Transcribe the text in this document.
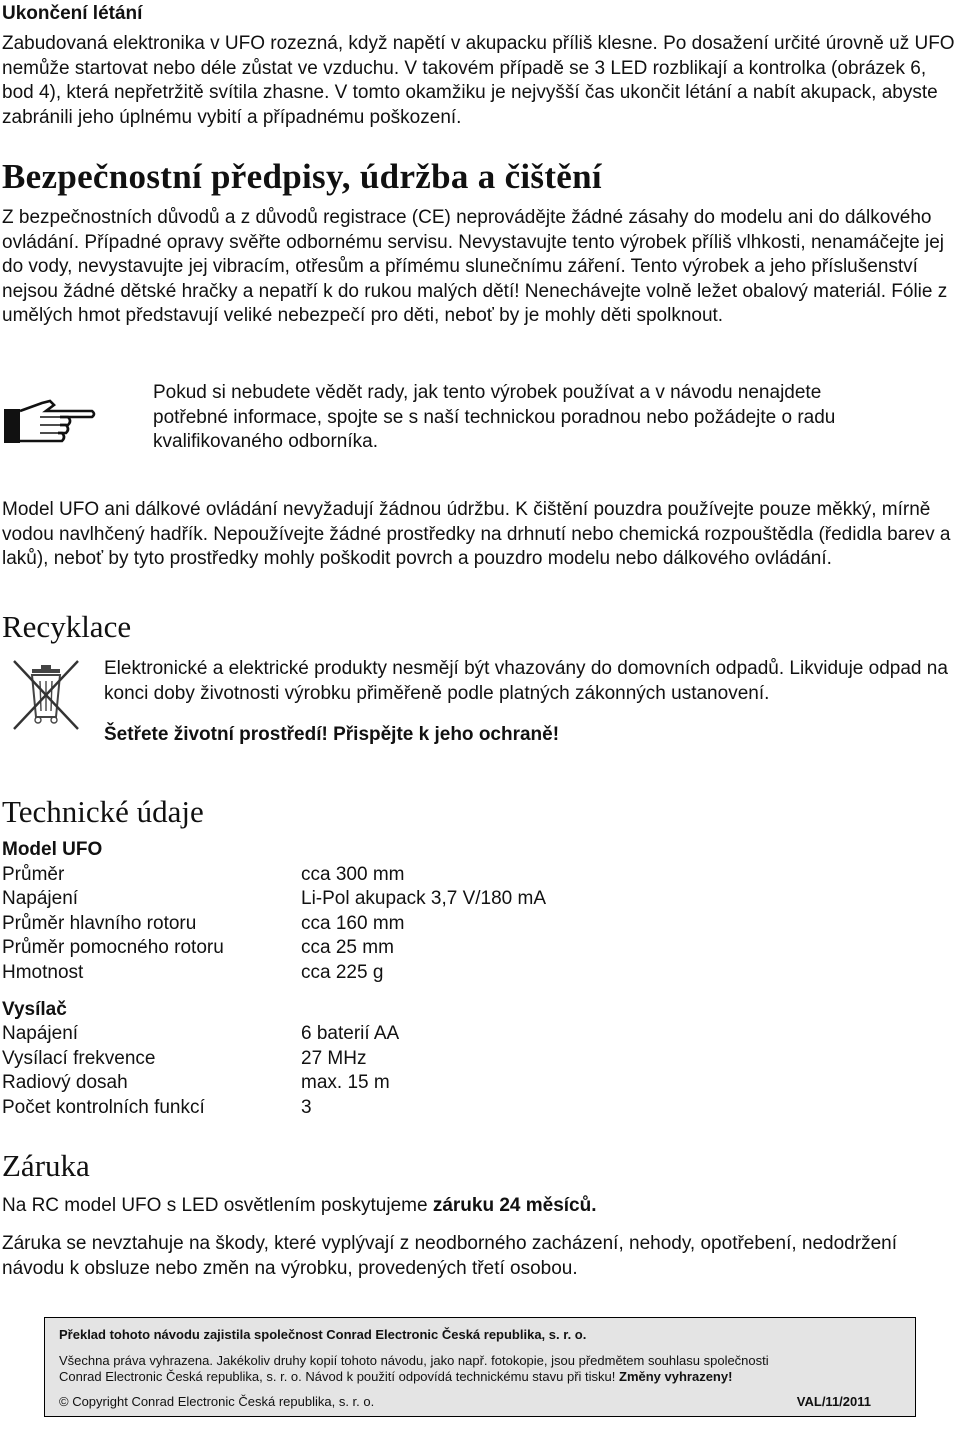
Ukončení létání

Zabudovaná elektronika v UFO rozezná, když napětí v akupacku příliš klesne. Po dosažení určité úrovně už UFO nemůže startovat nebo déle zůstat ve vzduchu. V takovém případě se 3 LED rozblikají a kontrolka (obrázek 6, bod 4), která nepřetržitě svítila zhasne. V tomto okamžiku je nejvyšší čas ukončit létání a nabít akupack, abyste zabránili jeho úplnému vybití a případnému poškození.

Bezpečnostní předpisy, údržba a čištění

Z bezpečnostních důvodů a z důvodů registrace (CE) neprovádějte žádné zásahy do modelu ani do dálkového ovládání. Případné opravy svěřte odbornému servisu. Nevystavujte tento výrobek příliš vlhkosti, nenamáčejte jej do vody, nevystavujte jej vibracím, otřesům a přímému slunečnímu záření. Tento výrobek a jeho příslušenství nejsou žádné dětské hračky a nepatří k do rukou malých dětí! Nenechávejte volně ležet obalový materiál. Fólie z umělých hmot představují veliké nebezpečí pro děti, neboť by je mohly děti spolknout.

Pokud si nebudete vědět rady, jak tento výrobek používat a v návodu nenajdete potřebné informace, spojte se s naší technickou poradnou nebo požádejte o radu kvalifikovaného odborníka.

Model UFO ani dálkové ovládání nevyžadují žádnou údržbu. K čištění pouzdra používejte pouze měkký, mírně vodou navlhčený hadřík. Nepoužívejte žádné prostředky na drhnutí nebo chemická rozpouštědla (ředidla barev a laků), neboť by tyto prostředky mohly poškodit povrch a pouzdro modelu nebo dálkového ovládání.

Recyklace

Elektronické a elektrické produkty nesmějí být vhazovány do domovních odpadů. Likviduje odpad na konci doby životnosti výrobku přiměřeně podle platných zákonných ustanovení.

Šetřete životní prostředí! Přispějte k jeho ochraně!
Technické údaje
Model UFO
Průměr	cca 300 mm
Napájení	Li-Pol akupack 3,7 V/180 mA
Průměr hlavního rotoru	cca 160 mm
Průměr pomocného rotoru	cca 25 mm
Hmotnost	cca 225 g
Vysílač
Napájení	6 baterií AA
Vysílací frekvence	27 MHz
Radiový dosah	max. 15 m
Počet kontrolních funkcí	3
Záruka

Na RC model UFO s LED osvětlením poskytujeme záruku 24 měsíců.

Záruka se nevztahuje na škody, které vyplývají z neodborného zacházení, nehody, opotřebení, nedodržení návodu k obsluze nebo změn na výrobku, provedených třetí osobou.

Překlad tohoto návodu zajistila společnost Conrad Electronic Česká republika, s. r. o.
Všechna práva vyhrazena. Jakékoliv druhy kopií tohoto návodu, jako např. fotokopie, jsou předmětem souhlasu společnosti
Conrad Electronic Česká republika, s. r. o. Návod k použití odpovídá technickému stavu při tisku! Změny vyhrazeny!
© Copyright Conrad Electronic Česká republika, s. r. o.	VAL/11/2011
